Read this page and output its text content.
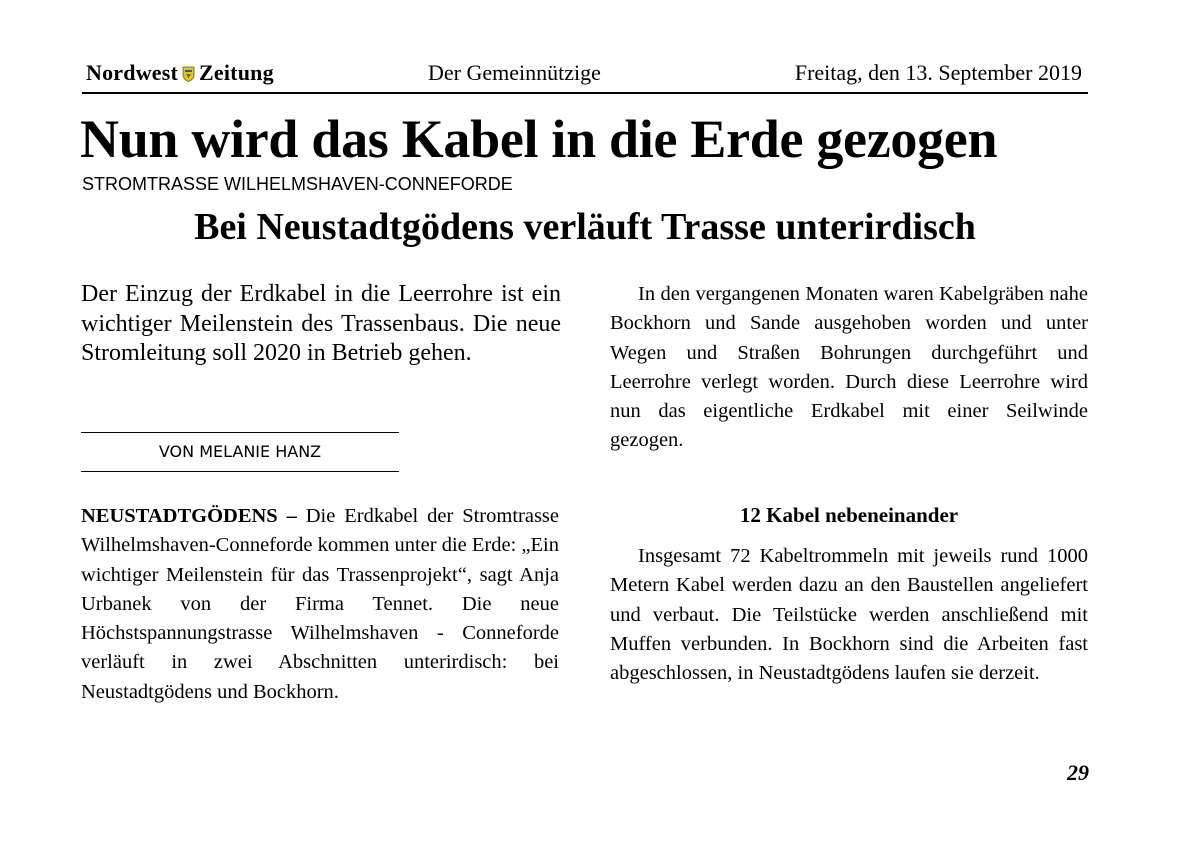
Nordwest Zeitung	Der Gemeinnützige	Freitag, den 13. September 2019
Nun wird das Kabel in die Erde gezogen
STROMTRASSE WILHELMSHAVEN-CONNEFORDE
Bei Neustadtgödens verläuft Trasse unterirdisch

Der Einzug der Erdkabel in die Leerrohre ist ein wichtiger Meilenstein des Trassenbaus. Die neue Stromleitung soll 2020 in Betrieb gehen.

VON MELANIE HANZ

NEUSTADTGÖDENS – Die Erdkabel der Stromtrasse Wilhelmshaven-Conneforde kommen unter die Erde: „Ein wichtiger Meilenstein für das Trassenprojekt“, sagt Anja Urbanek von der Firma Tennet. Die neue Höchstspannungstrasse Wilhelmshaven - Conneforde verläuft in zwei Abschnitten unterirdisch: bei Neustadtgödens und Bockhorn.

In den vergangenen Monaten waren Kabelgräben nahe Bockhorn und Sande ausgehoben worden und unter Wegen und Straßen Bohrungen durchgeführt und Leerrohre verlegt worden. Durch diese Leerrohre wird nun das eigentliche Erdkabel mit einer Seilwinde gezogen.

12 Kabel nebeneinander

Insgesamt 72 Kabeltrommeln mit jeweils rund 1000 Metern Kabel werden dazu an den Baustellen angeliefert und verbaut. Die Teilstücke werden anschließend mit Muffen verbunden. In Bockhorn sind die Arbeiten fast abgeschlossen, in Neustadtgödens laufen sie derzeit.

29
